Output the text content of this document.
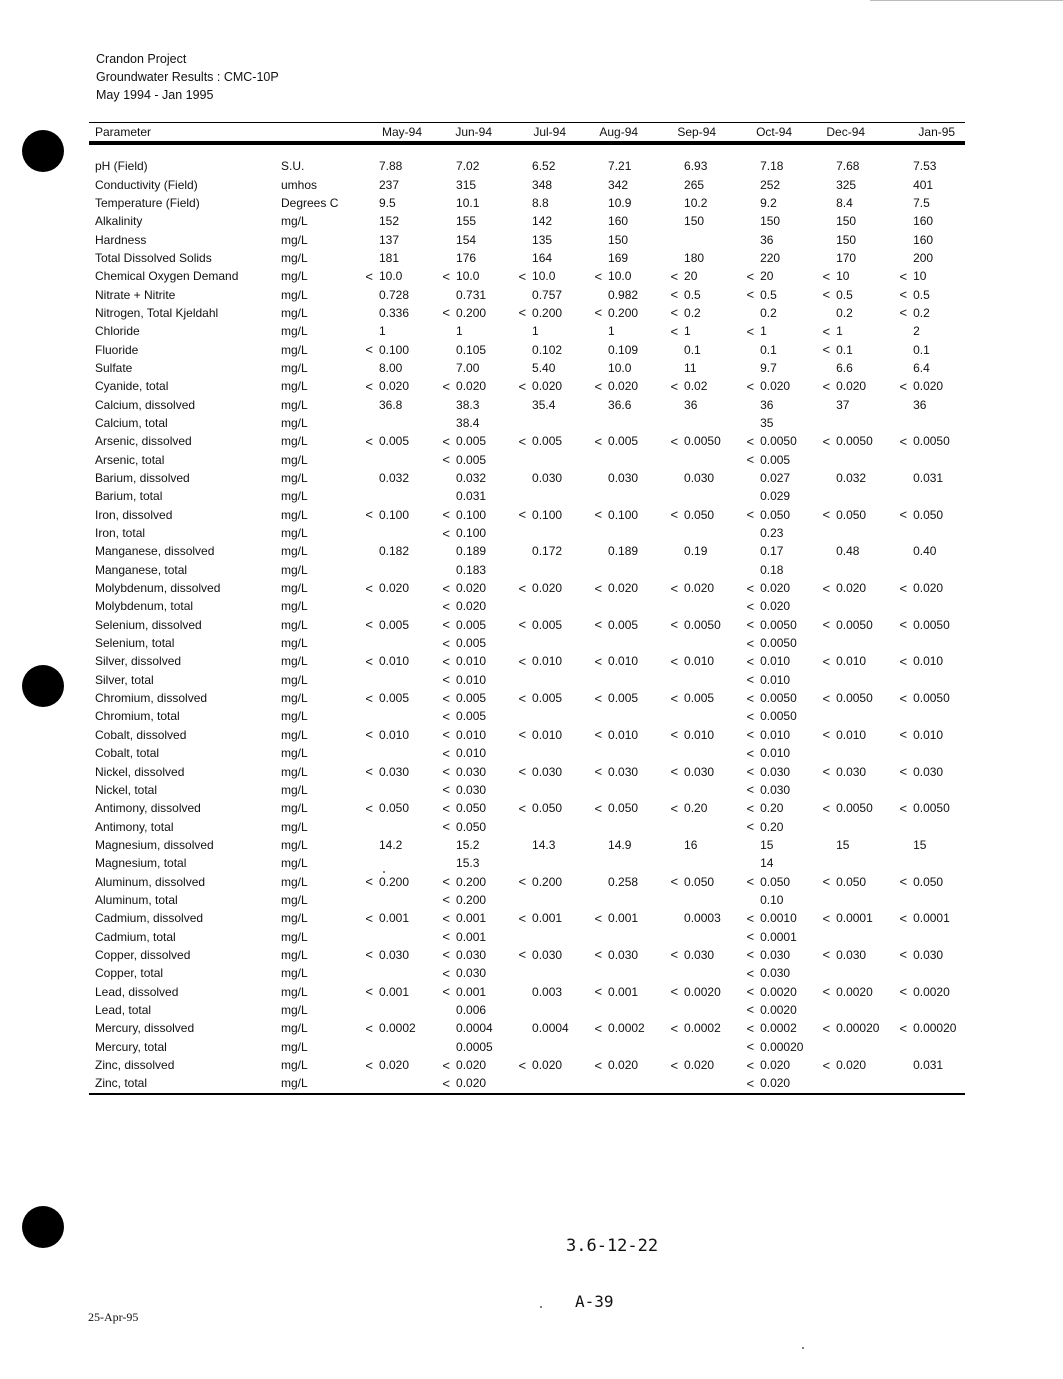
Crandon Project
Groundwater Results : CMC-10P
May 1994 - Jan 1995
Parameter		May-94		Jun-94		Jul-94		Aug-94		Sep-94		Oct-94		Dec-94		Jan-95	

pH (Field)	S.U.		7.88		7.02		6.52		7.21		6.93		7.18		7.68		7.53
Conductivity (Field)	umhos		237		315		348		342		265		252		325		401
Temperature (Field)	Degrees C		9.5		10.1		8.8		10.9		10.2		9.2		8.4		7.5
Alkalinity	mg/L		152		155		142		160		150		150		150		160
Hardness	mg/L		137		154		135		150				36		150		160
Total Dissolved Solids	mg/L		181		176		164		169		180		220		170		200
Chemical Oxygen Demand	mg/L	<	10.0	<	10.0	<	10.0	<	10.0	<	20	<	20	<	10	<	10
Nitrate + Nitrite	mg/L		0.728		0.731		0.757		0.982	<	0.5	<	0.5	<	0.5	<	0.5
Nitrogen, Total Kjeldahl	mg/L		0.336	<	0.200	<	0.200	<	0.200	<	0.2		0.2		0.2	<	0.2
Chloride	mg/L		1		1		1		1	<	1	<	1	<	1		2
Fluoride	mg/L	<	0.100		0.105		0.102		0.109		0.1		0.1	<	0.1		0.1
Sulfate	mg/L		8.00		7.00		5.40		10.0		11		9.7		6.6		6.4
Cyanide, total	mg/L	<	0.020	<	0.020	<	0.020	<	0.020	<	0.02	<	0.020	<	0.020	<	0.020
Calcium, dissolved	mg/L		36.8		38.3		35.4		36.6		36		36		37		36
Calcium, total	mg/L				38.4								35				
Arsenic, dissolved	mg/L	<	0.005	<	0.005	<	0.005	<	0.005	<	0.0050	<	0.0050	<	0.0050	<	0.0050
Arsenic, total	mg/L			<	0.005							<	0.005				
Barium, dissolved	mg/L		0.032		0.032		0.030		0.030		0.030		0.027		0.032		0.031
Barium, total	mg/L				0.031								0.029				
Iron, dissolved	mg/L	<	0.100	<	0.100	<	0.100	<	0.100	<	0.050	<	0.050	<	0.050	<	0.050
Iron, total	mg/L			<	0.100								0.23				
Manganese, dissolved	mg/L		0.182		0.189		0.172		0.189		0.19		0.17		0.48		0.40
Manganese, total	mg/L				0.183								0.18				
Molybdenum, dissolved	mg/L	<	0.020	<	0.020	<	0.020	<	0.020	<	0.020	<	0.020	<	0.020	<	0.020
Molybdenum, total	mg/L			<	0.020							<	0.020				
Selenium, dissolved	mg/L	<	0.005	<	0.005	<	0.005	<	0.005	<	0.0050	<	0.0050	<	0.0050	<	0.0050
Selenium, total	mg/L			<	0.005							<	0.0050				
Silver, dissolved	mg/L	<	0.010	<	0.010	<	0.010	<	0.010	<	0.010	<	0.010	<	0.010	<	0.010
Silver, total	mg/L			<	0.010							<	0.010				
Chromium, dissolved	mg/L	<	0.005	<	0.005	<	0.005	<	0.005	<	0.005	<	0.0050	<	0.0050	<	0.0050
Chromium, total	mg/L			<	0.005							<	0.0050				
Cobalt, dissolved	mg/L	<	0.010	<	0.010	<	0.010	<	0.010	<	0.010	<	0.010	<	0.010	<	0.010
Cobalt, total	mg/L			<	0.010							<	0.010				
Nickel, dissolved	mg/L	<	0.030	<	0.030	<	0.030	<	0.030	<	0.030	<	0.030	<	0.030	<	0.030
Nickel, total	mg/L			<	0.030							<	0.030				
Antimony, dissolved	mg/L	<	0.050	<	0.050	<	0.050	<	0.050	<	0.20	<	0.20	<	0.0050	<	0.0050
Antimony, total	mg/L			<	0.050							<	0.20				
Magnesium, dissolved	mg/L		14.2		15.2		14.3		14.9		16		15		15		15
Magnesium, total	mg/L				15.3								14				
Aluminum, dissolved	mg/L	<	0.200	<	0.200	<	0.200		0.258	<	0.050	<	0.050	<	0.050	<	0.050
Aluminum, total	mg/L			<	0.200								0.10				
Cadmium, dissolved	mg/L	<	0.001	<	0.001	<	0.001	<	0.001		0.0003	<	0.0010	<	0.0001	<	0.0001
Cadmium, total	mg/L			<	0.001							<	0.0001				
Copper, dissolved	mg/L	<	0.030	<	0.030	<	0.030	<	0.030	<	0.030	<	0.030	<	0.030	<	0.030
Copper, total	mg/L			<	0.030							<	0.030				
Lead, dissolved	mg/L	<	0.001	<	0.001		0.003	<	0.001	<	0.0020	<	0.0020	<	0.0020	<	0.0020
Lead, total	mg/L				0.006							<	0.0020				
Mercury, dissolved	mg/L	<	0.0002		0.0004		0.0004	<	0.0002	<	0.0002	<	0.0002	<	0.00020	<	0.00020
Mercury, total	mg/L				0.0005							<	0.00020				
Zinc, dissolved	mg/L	<	0.020	<	0.020	<	0.020	<	0.020	<	0.020	<	0.020	<	0.020		0.031
Zinc, total	mg/L			<	0.020							<	0.020				
3.6-12-22
A-39
25-Apr-95
